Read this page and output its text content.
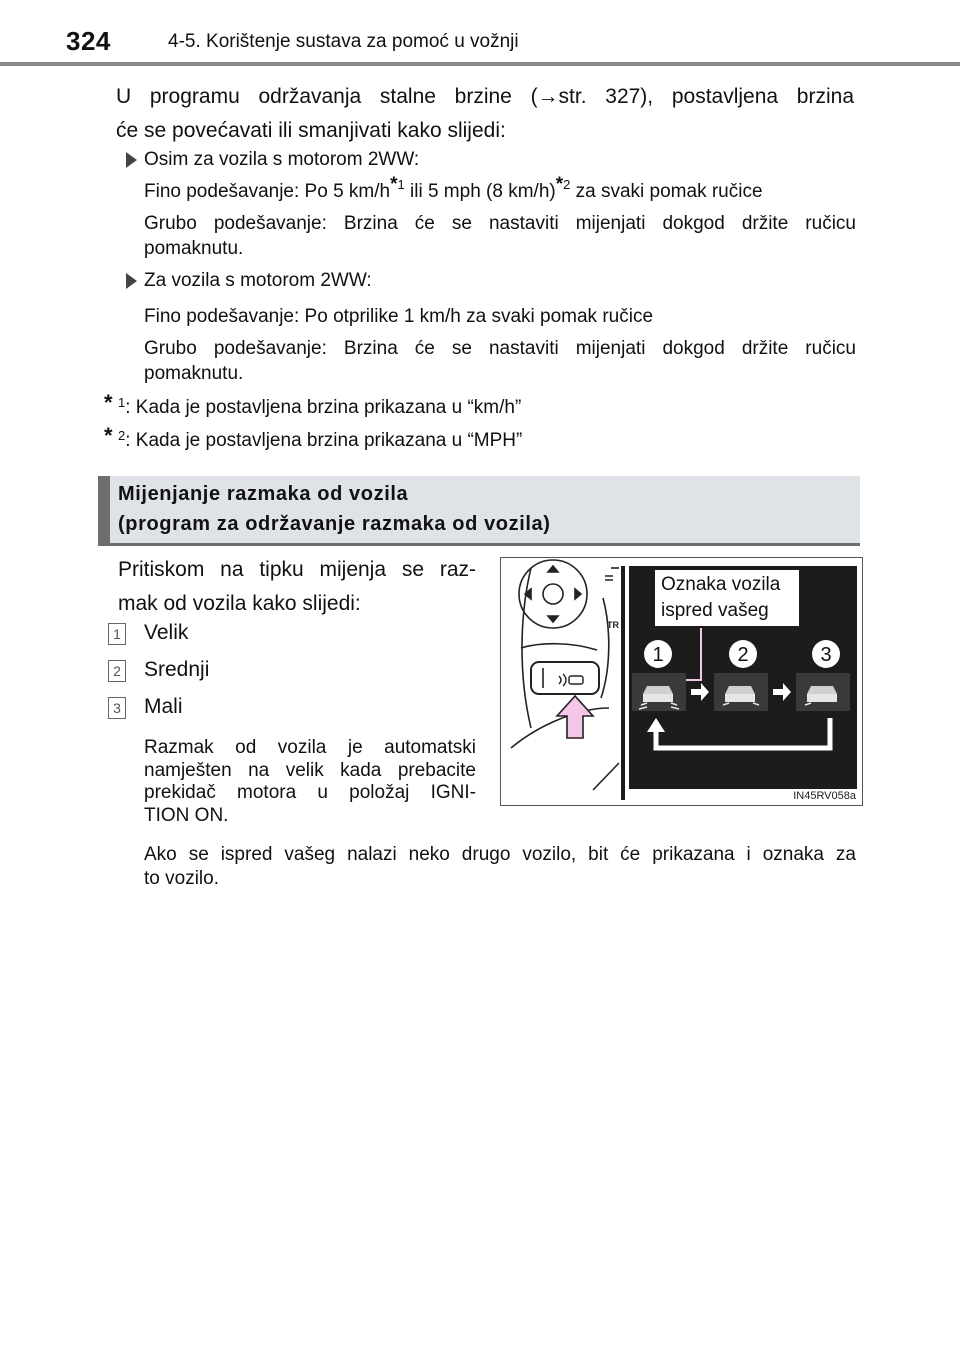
324	4-5. Korištenje sustava za pomoć u vožnji
U programu održavanja stalne brzine (→str. 327), postavljena brzina
će se povećavati ili smanjivati kako slijedi:
Osim za vozila s motorom 2WW:
Fino podešavanje: Po 5 km/h*$^1$ ili 5 mph (8 km/h)*$^2$ za svaki pomak ručice
Grubo podešavanje: Brzina će se nastaviti mijenjati dokgod držite ručicu
pomaknutu.
Za vozila s motorom 2WW:
Fino podešavanje: Po otprilike 1 km/h za svaki pomak ručice
Grubo podešavanje: Brzina će se nastaviti mijenjati dokgod držite ručicu
pomaknutu.
* $^1$: Kada je postavljena brzina prikazana u “km/h”
* $^2$: Kada je postavljena brzina prikazana u “MPH”
Mijenjanje razmaka od vozila
(program za održavanje razmaka od vozila)
Pritiskom na tipku mijenja se raz-
mak od vozila kako slijedi:
1 Velik
2 Srednji
3 Mali
Razmak od vozila je automatski
namješten na velik kada prebacite
prekidač motora u položaj IGNI-
TION ON.
TR
Oznaka vozila
ispred vašeg
1	2	3
IN45RV058a
Ako se ispred vašeg nalazi neko drugo vozilo, bit će prikazana i oznaka za
to vozilo.
